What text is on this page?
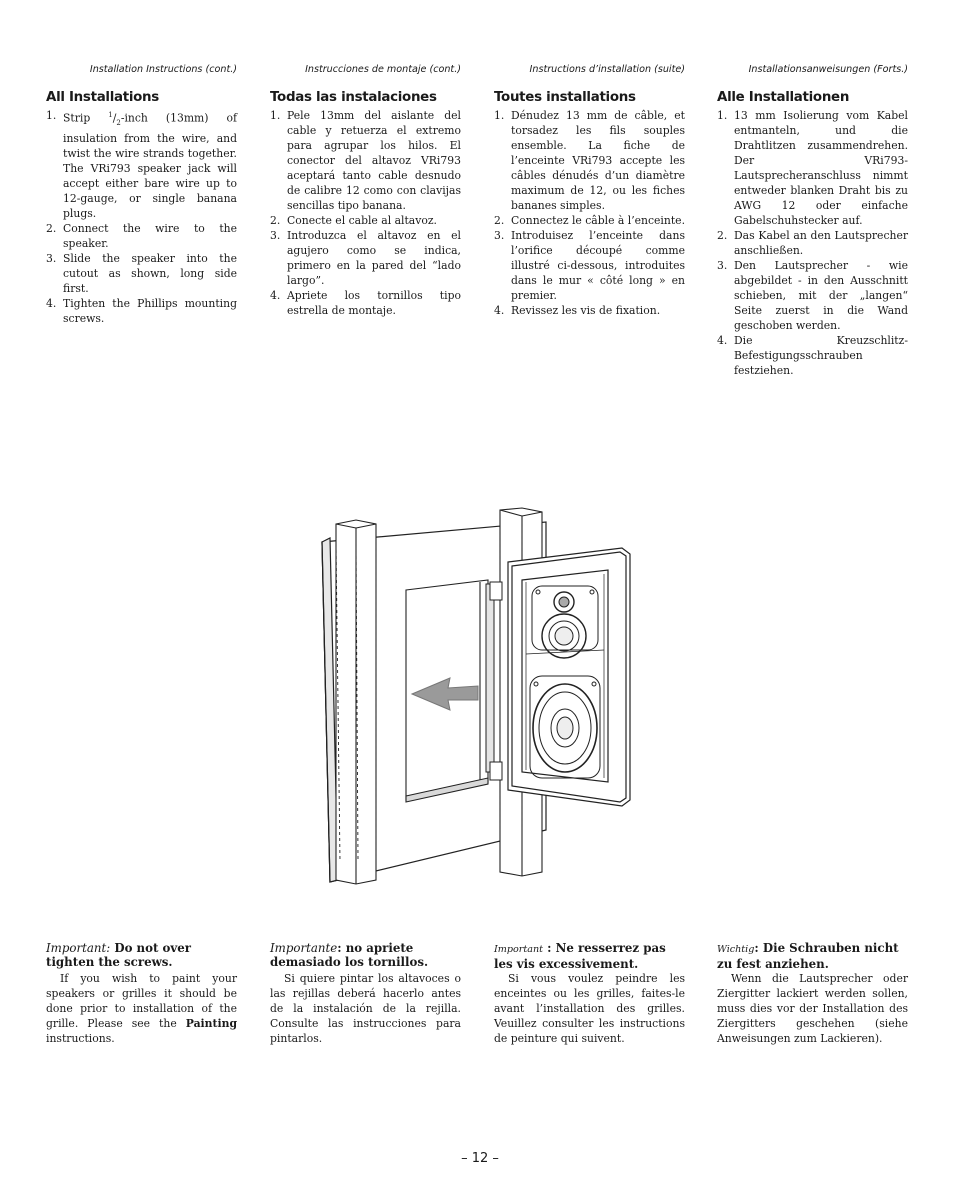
Installation Instructions (cont.)
All Installations
1. Strip $^1/_2$-inch (13mm) of insulation from the wire, and twist the wire strands together. The VRi793 speaker jack will accept either bare wire up to 12-gauge, or single banana plugs.
2. Connect the wire to the speaker.
3. Slide the speaker into the cutout as shown, long side first.
4. Tighten the Phillips mounting screws.
Instrucciones de montaje (cont.)
Todas las instalaciones
1. Pele 13mm del aislante del cable y retuerza el extremo para agrupar los hilos. El conector del altavoz VRi793 aceptará tanto cable desnudo de calibre 12 como con clavijas sencillas tipo banana.
2. Conecte el cable al altavoz.
3. Introduzca el altavoz en el agujero como se indica, primero en la pared del “lado largo”.
4. Apriete los tornillos tipo estrella de montaje.
Instructions d’installation (suite)
Toutes installations
1. Dénudez 13 mm de câble, et torsadez les fils souples ensemble. La fiche de l’enceinte VRi793 accepte les câbles dénudés d’un diamètre maximum de 12, ou les fiches bananes simples.
2. Connectez le câble à l’enceinte.
3. Introduisez l’enceinte dans l’orifice découpé comme illustré ci-dessous, introduites dans le mur « côté long » en premier.
4. Revissez les vis de fixation.
Installationsanweisungen (Forts.)
Alle Installationen
1. 13 mm Isolierung vom Kabel entmanteln, und die Drahtlitzen zusammendrehen. Der VRi793-Lautsprecheranschluss nimmt entweder blanken Draht bis zu AWG 12 oder einfache Gabelschuhstecker auf.
2. Das Kabel an den Lautsprecher anschließen.
3. Den Lautsprecher - wie abgebildet - in den Ausschnitt schieben, mit der „langen“ Seite zuerst in die Wand geschoben werden.
4. Die Kreuzschlitz-Befestigungsschrauben festziehen.

Important: Do not over tighten the screws.

If you wish to paint your speakers or grilles it should be done prior to installation of the grille. Please see the Painting instructions.

Importante: no apriete demasiado los tornillos.

Si quiere pintar los altavoces o las rejillas deberá hacerlo antes de la instalación de la rejilla. Consulte las instrucciones para pintarlos.

Important : Ne resserrez pas les vis excessivement.

Si vous voulez peindre les enceintes ou les grilles, faites-le avant l’installation des grilles. Veuillez consulter les instructions de peinture qui suivent.

Wichtig: Die Schrauben nicht zu fest anziehen.

Wenn die Lautsprecher oder Ziergitter lackiert werden sollen, muss dies vor der Installation des Ziergitters geschehen (siehe Anweisungen zum Lackieren).

– 12 –
